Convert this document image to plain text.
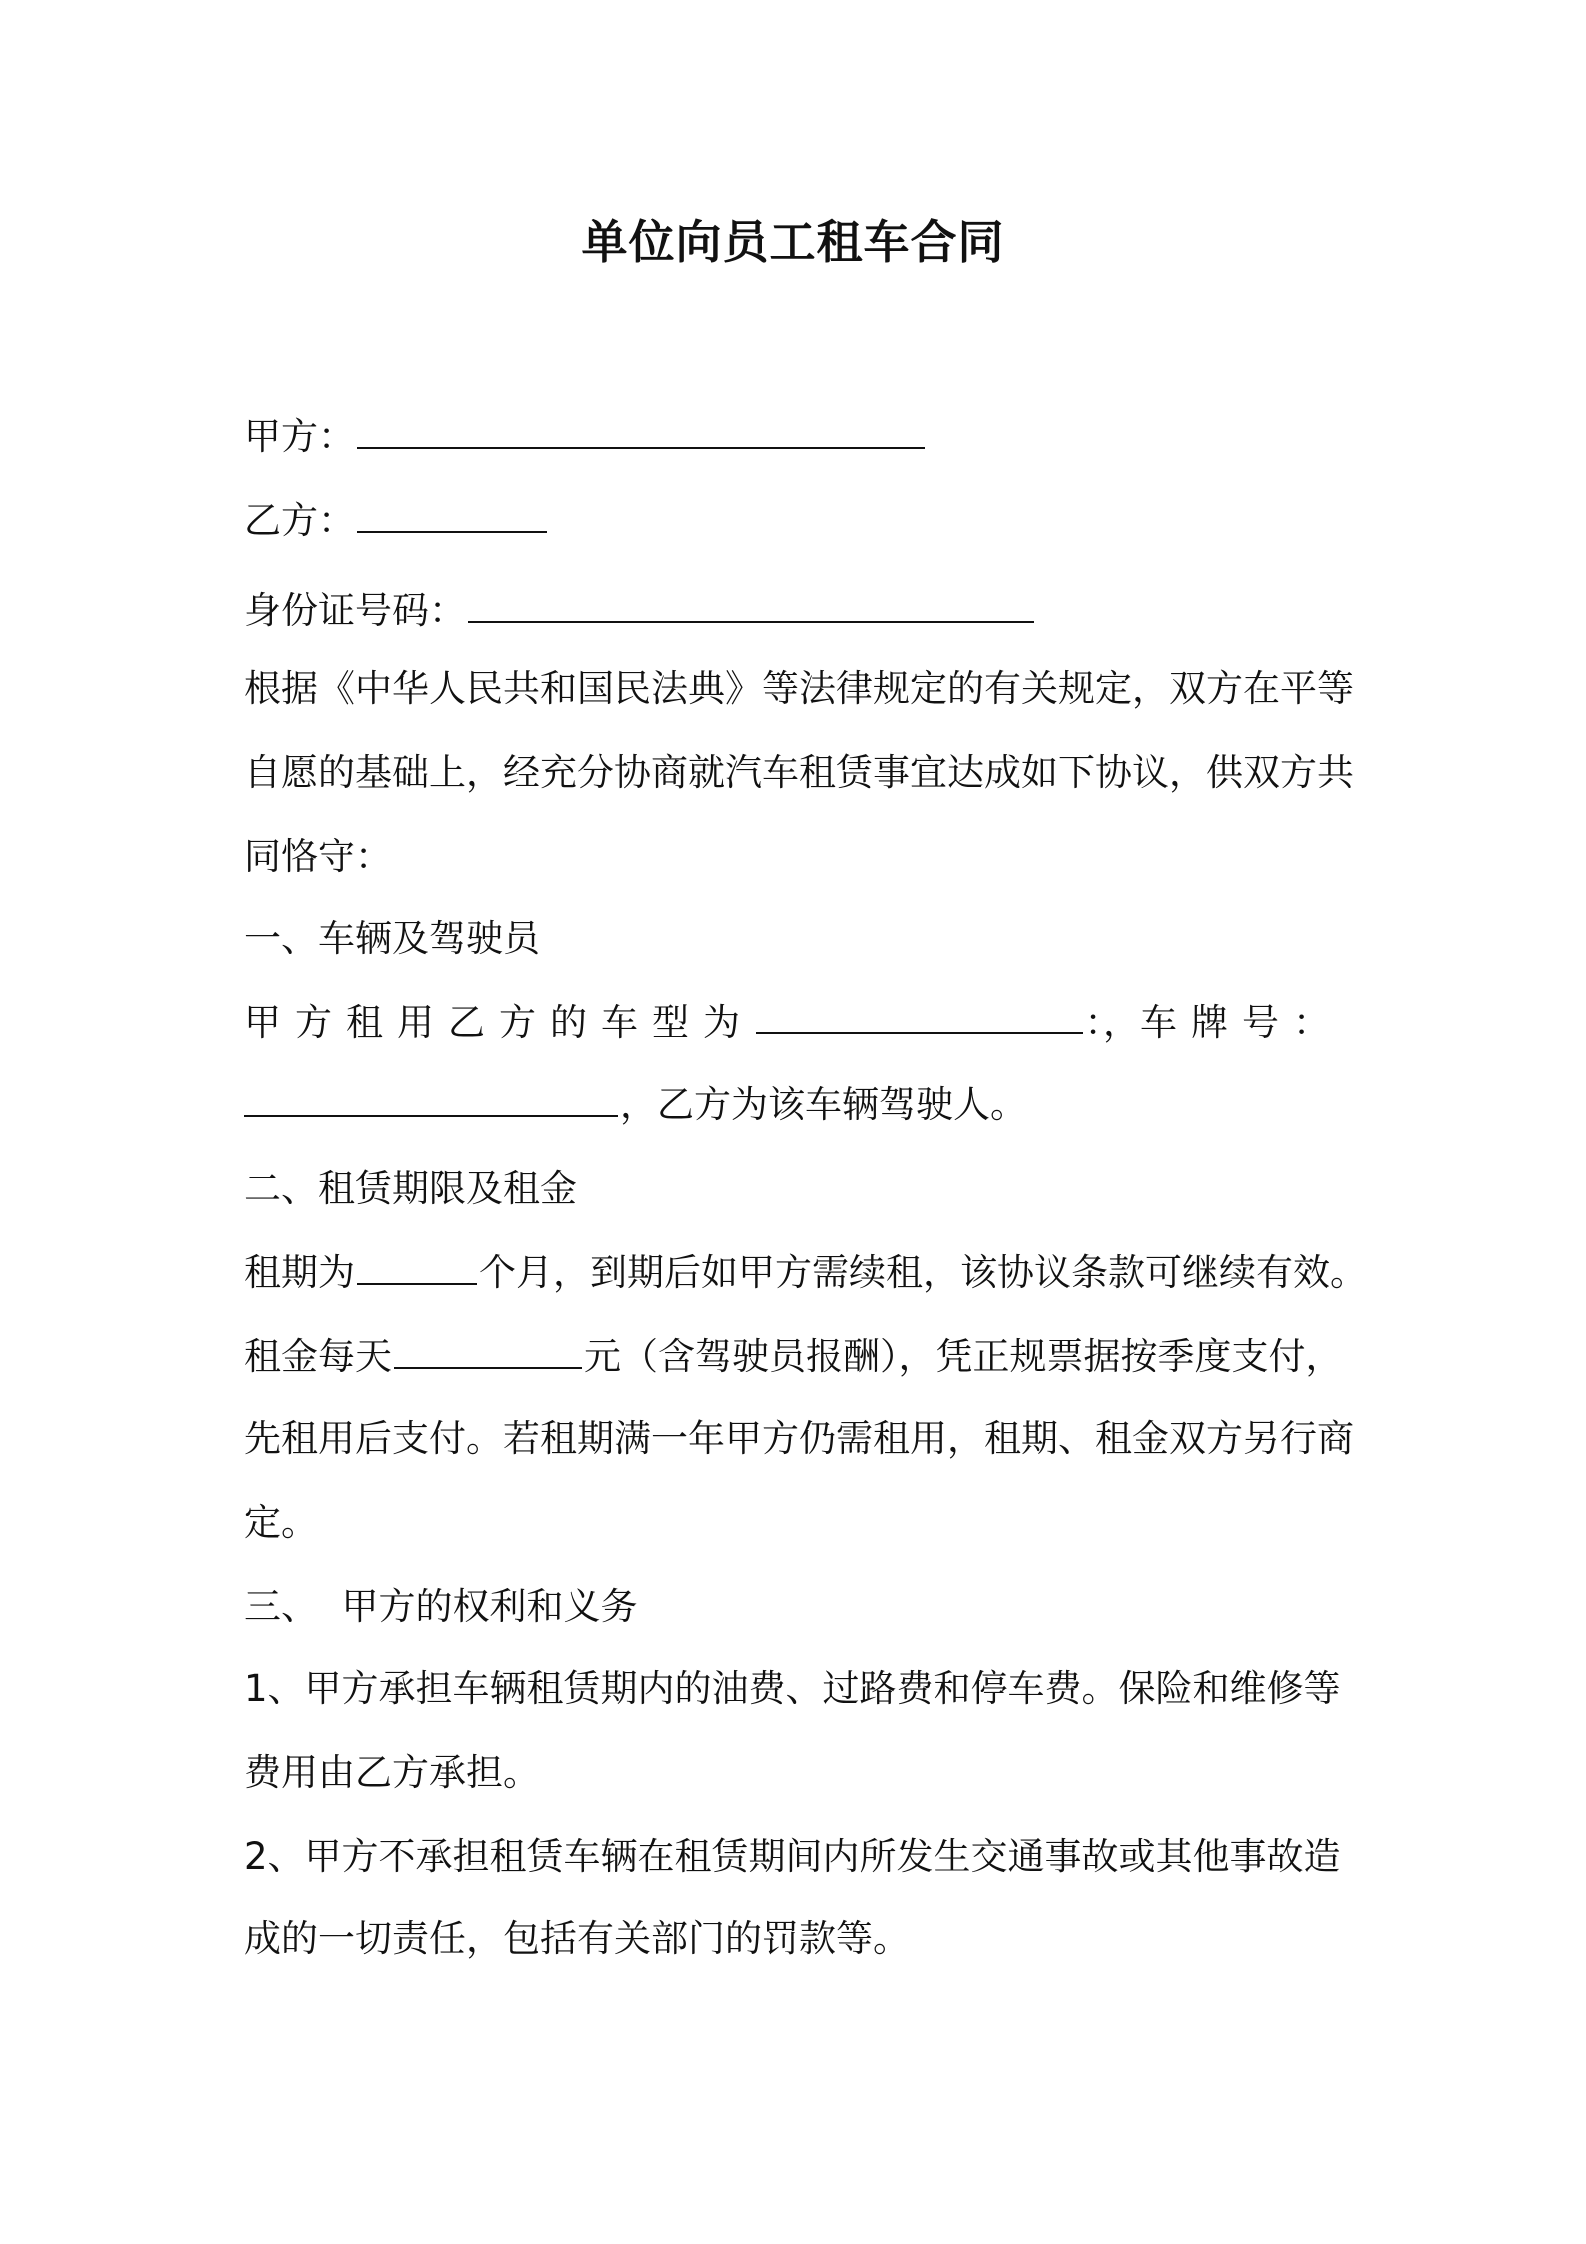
单位向员工租车合同
甲方：
乙方：
身份证号码：
根据《中华人民共和国民法典》等法律规定的有关规定，双方在平等
自愿的基础上，经充分协商就汽车租赁事宜达成如下协议，供双方共
同恪守：
一、车辆及驾驶员
甲方租用乙方的车型为	：， 车牌号：
，乙方为该车辆驾驶人。
二、租赁期限及租金
租期为	个月，到期后如甲方需续租，该协议条款可继续有效。
租金每天	元（含驾驶员报酬），凭正规票据按季度支付，
先租用后支付。若租期满一年甲方仍需租用，租期、租金双方另行商
定。
三、  甲方的权利和义务
1、甲方承担车辆租赁期内的油费、过路费和停车费。保险和维修等
费用由乙方承担。
2、甲方不承担租赁车辆在租赁期间内所发生交通事故或其他事故造
成的一切责任，包括有关部门的罚款等。
